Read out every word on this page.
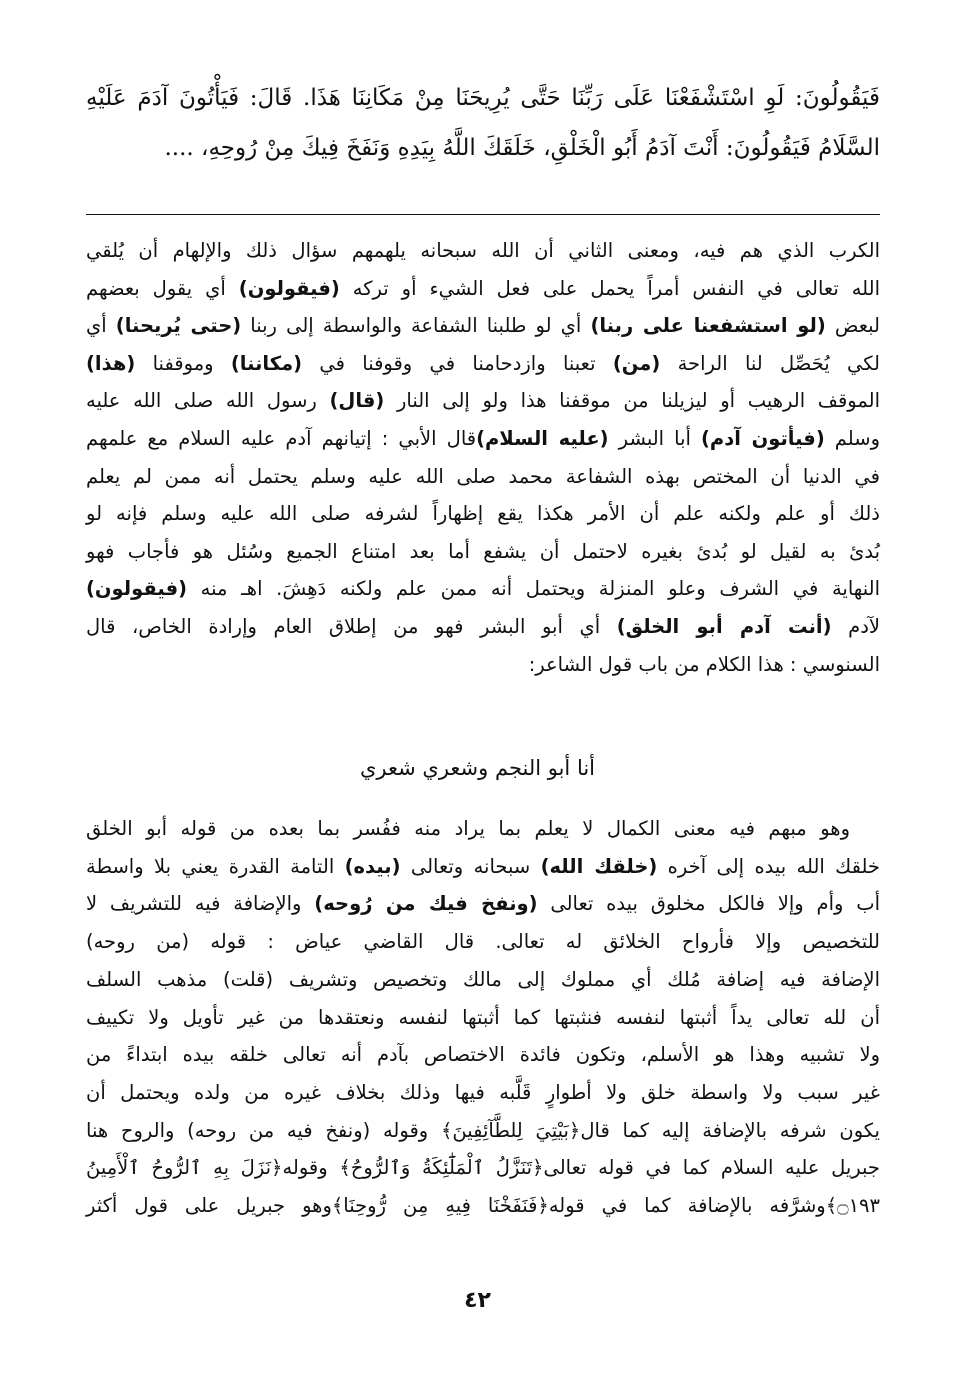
فَيَقُولُونَ: لَوِ اسْتَشْفَعْنَا عَلَى رَبِّنَا حَتَّى يُرِيحَنَا مِنْ مَكَانِنَا هَذَا. قَالَ: فَيَأْتُونَ آدَمَ عَلَيْهِ
السَّلَامُ فَيَقُولُونَ: أَنْتَ آدَمُ أَبُو الْخَلْقِ، خَلَقَكَ اللَّهُ بِيَدِهِ وَنَفَخَ فِيكَ مِنْ رُوحِهِ، ....
الكرب الذي هم فيه، ومعنى الثاني أن الله سبحانه يلهمهم سؤال ذلك والإلهام أن يُلقي
الله تعالى في النفس أمراً يحمل على فعل الشيء أو تركه (فيقولون) أي يقول بعضهم
لبعض (لو استشفعنا على ربنا) أي لو طلبنا الشفاعة والواسطة إلى ربنا (حتى يُريحنا) أي
لكي يُحَصِّل لنا الراحة (من) تعبنا وازدحامنا في وقوفنا في (مكاننا) وموقفنا (هذا)
الموقف الرهيب أو ليزيلنا من موقفنا هذا ولو إلى النار (قال) رسول الله صلى الله عليه
وسلم (فيأتون آدم) أبا البشر (عليه السلام)قال الأبي : إتيانهم آدم عليه السلام مع علمهم
في الدنيا أن المختص بهذه الشفاعة محمد صلى الله عليه وسلم يحتمل أنه ممن لم يعلم
ذلك أو علم ولكنه علم أن الأمر هكذا يقع إظهاراً لشرفه صلى الله عليه وسلم فإنه لو
بُدئ به لقيل لو بُدئ بغيره لاحتمل أن يشفع أما بعد امتناع الجميع وسُئل هو فأجاب فهو
النهاية في الشرف وعلو المنزلة ويحتمل أنه ممن علم ولكنه دَهِشَ. اهـ منه (فيقولون)
لآدم (أنت آدم أبو الخلق) أي أبو البشر فهو من إطلاق العام وإرادة الخاص، قال
السنوسي : هذا الكلام من باب قول الشاعر:
أنا أبو النجم وشعري شعري
وهو مبهم فيه معنى الكمال لا يعلم بما يراد منه ففُسر بما بعده من قوله أبو الخلق
خلقك الله بيده إلى آخره (خلقك الله) سبحانه وتعالى (بيده) التامة القدرة يعني بلا واسطة
أب وأم وإلا فالكل مخلوق بيده تعالى (ونفخ فيك من رُوحه) والإضافة فيه للتشريف لا
للتخصيص وإلا فأرواح الخلائق له تعالى. قال القاضي عياض : قوله (من روحه)
الإضافة فيه إضافة مُلك أي مملوك إلى مالك وتخصيص وتشريف (قلت) مذهب السلف
أن لله تعالى يداً أثبتها لنفسه فنثبتها كما أثبتها لنفسه ونعتقدها من غير تأويل ولا تكييف
ولا تشبيه وهذا هو الأسلم، وتكون فائدة الاختصاص بآدم أنه تعالى خلقه بيده ابتداءً من
غير سبب ولا واسطة خلق ولا أطوارٍ قَلَّبه فيها وذلك بخلاف غيره من ولده ويحتمل أن
يكون شرفه بالإضافة إليه كما قال﴿بَيْتِيَ لِلطَّآئِفِينَ﴾ وقوله (ونفخ فيه من روحه) والروح هنا
جبريل عليه السلام كما في قوله تعالى﴿تَنَزَّلُ ٱلْمَلَٰٓئِكَةُ وَٱلرُّوحُ﴾ وقوله﴿نَزَلَ بِهِ ٱلرُّوحُ ٱلْأَمِينُ
۝١٩٣﴾وشرَّفه بالإضافة كما في قوله﴿فَنَفَخْنَا فِيهِ مِن رُّوحِنَا﴾وهو جبريل على قول أكثر
٤٢
